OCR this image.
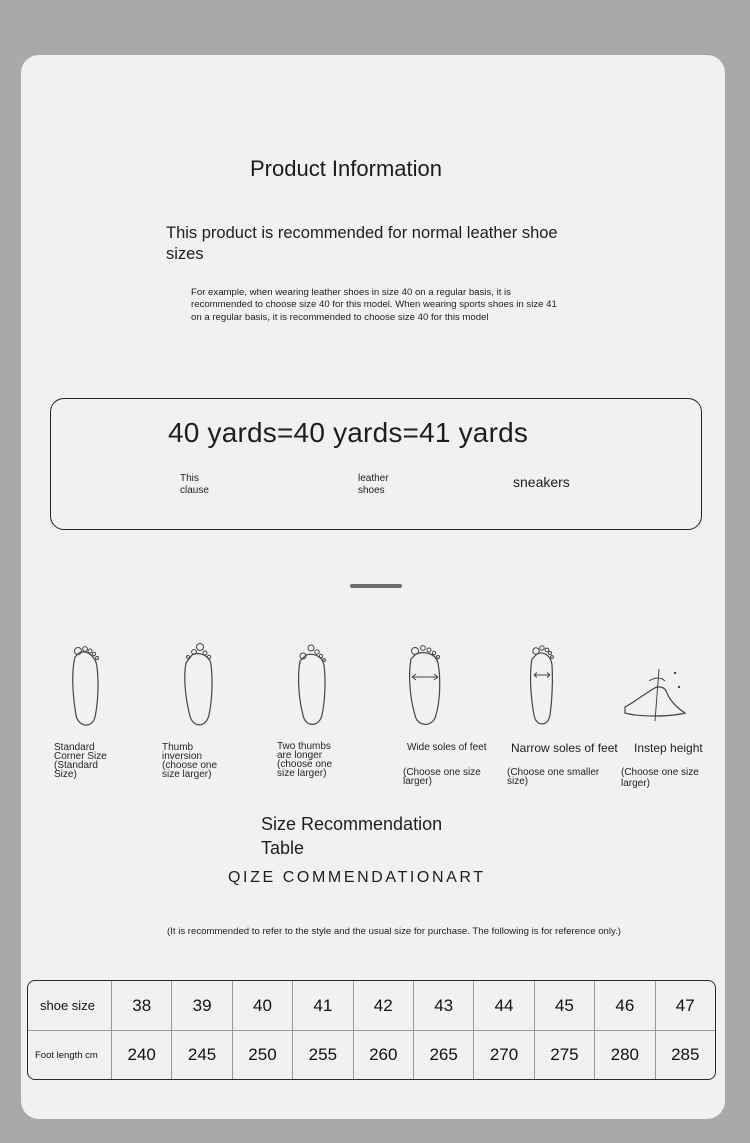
Product Information
This product is recommended for normal leather shoe sizes
For example, when wearing leather shoes in size 40 on a regular basis, it is recommended to choose size 40 for this model. When wearing sports shoes in size 41 on a regular basis, it is recommended to choose size 40 for this model
40 yards=40 yards=41 yards
This clause
leather shoes
sneakers
Standard Corner Size (Standard Size)
Thumb inversion (choose one size larger)
Two thumbs are longer (choose one size larger)
Wide soles of feet
(Choose one size larger)
Narrow soles of feet
(Choose one smaller size)
Instep height
(Choose one size larger)
Size Recommendation Table
QIZE COMMENDATIONART
(It is recommended to refer to the style and the usual size for purchase. The following is for reference only.)
shoe size	38	39	40	41	42	43	44	45	46	47
Foot length cm	240	245	250	255	260	265	270	275	280	285
